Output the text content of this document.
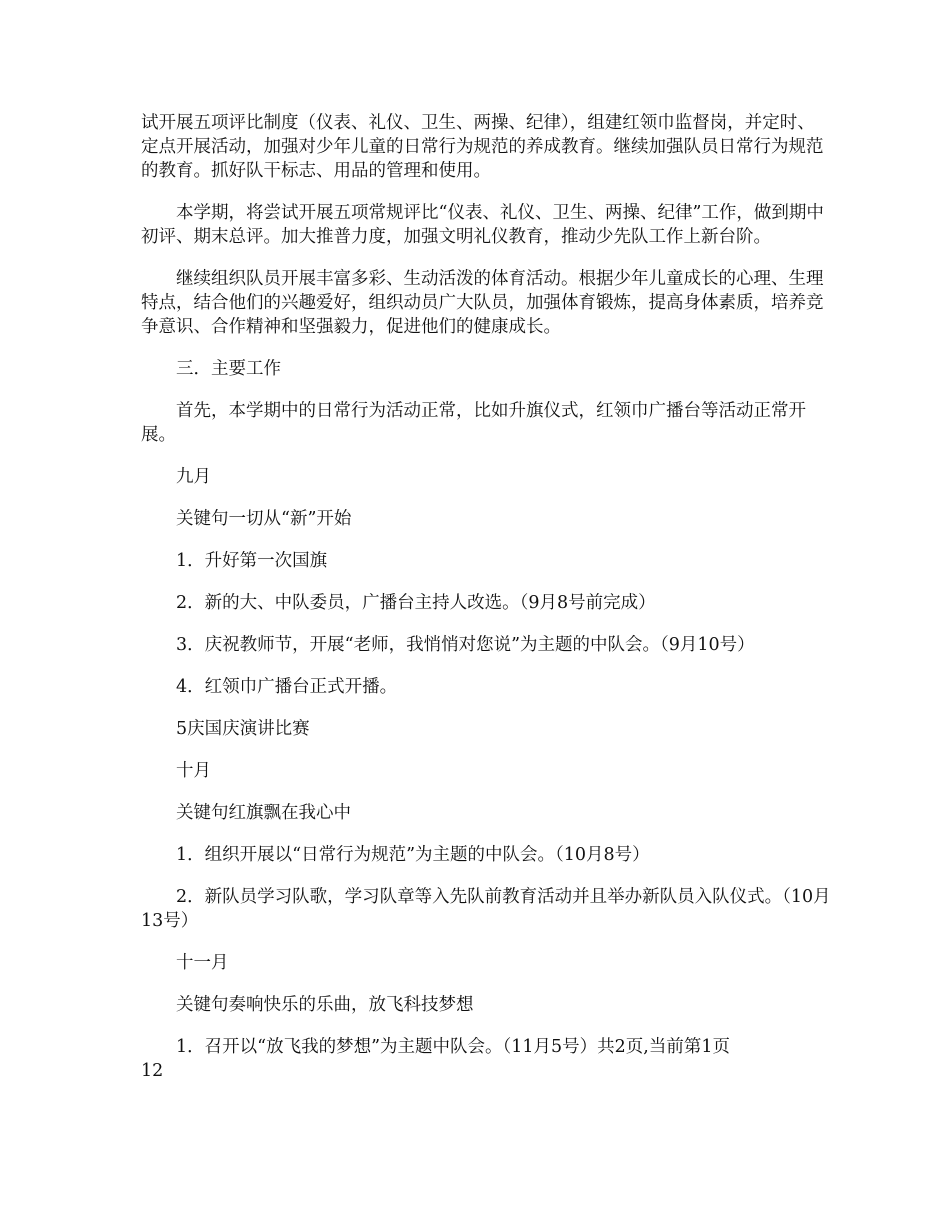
试开展五项评比制度（仪表、礼仪、卫生、两操、纪律），组建红领巾监督岗，并定时、定点开展活动，加强对少年儿童的日常行为规范的养成教育。继续加强队员日常行为规范的教育。抓好队干标志、用品的管理和使用。

本学期，将尝试开展五项常规评比“仪表、礼仪、卫生、两操、纪律”工作，做到期中初评、期末总评。加大推普力度，加强文明礼仪教育，推动少先队工作上新台阶。

继续组织队员开展丰富多彩、生动活泼的体育活动。根据少年儿童成长的心理、生理特点，结合他们的兴趣爱好，组织动员广大队员，加强体育锻炼，提高身体素质，培养竞争意识、合作精神和坚强毅力，促进他们的健康成长。

三．主要工作

首先，本学期中的日常行为活动正常，比如升旗仪式，红领巾广播台等活动正常开展。

九月

关键句一切从“新”开始

1．升好第一次国旗

2．新的大、中队委员，广播台主持人改选。（9月8号前完成）

3．庆祝教师节，开展“老师，我悄悄对您说”为主题的中队会。（9月10号）

4．红领巾广播台正式开播。

5庆国庆演讲比赛

十月

关键句红旗飘在我心中

1．组织开展以“日常行为规范”为主题的中队会。（10月8号）

2．新队员学习队歌，学习队章等入先队前教育活动并且举办新队员入队仪式。（10月13号）

十一月

关键句奏响快乐的乐曲，放飞科技梦想

1．召开以“放飞我的梦想”为主题中队会。（11月5号）共2页,当前第1页

12
